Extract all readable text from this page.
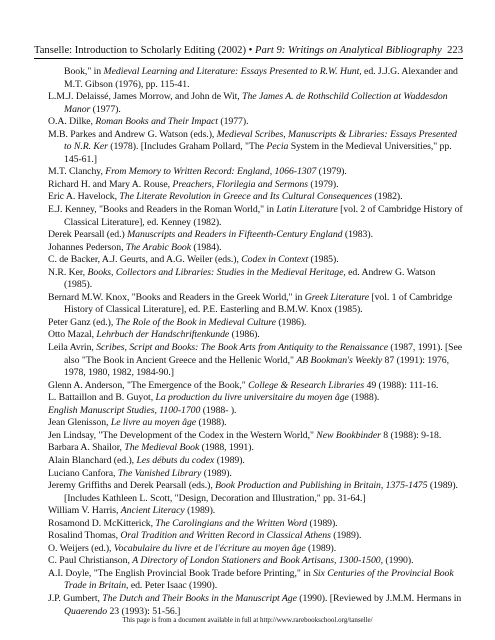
Tanselle: Introduction to Scholarly Editing (2002) • Part 9: Writings on Analytical Bibliography 223

Book," in Medieval Learning and Literature: Essays Presented to R.W. Hunt, ed. J.J.G. Alexander and M.T. Gibson (1976), pp. 115-41.

L.M.J. Delaissé, James Morrow, and John de Wit, The James A. de Rothschild Collection at Waddesdon Manor (1977).

O.A. Dilke, Roman Books and Their Impact (1977).

M.B. Parkes and Andrew G. Watson (eds.), Medieval Scribes, Manuscripts & Libraries: Essays Presented to N.R. Ker (1978). [Includes Graham Pollard, "The Pecia System in the Medieval Universities," pp. 145-61.]

M.T. Clanchy, From Memory to Written Record: England, 1066-1307 (1979).

Richard H. and Mary A. Rouse, Preachers, Florilegia and Sermons (1979).

Eric A. Havelock, The Literate Revolution in Greece and Its Cultural Consequences (1982).

E.J. Kenney, "Books and Readers in the Roman World," in Latin Literature [vol. 2 of Cambridge History of Classical Literature], ed. Kenney (1982).

Derek Pearsall (ed.) Manuscripts and Readers in Fifteenth-Century England (1983).

Johannes Pederson, The Arabic Book (1984).

C. de Backer, A.J. Geurts, and A.G. Weiler (eds.), Codex in Context (1985).

N.R. Ker, Books, Collectors and Libraries: Studies in the Medieval Heritage, ed. Andrew G. Watson (1985).

Bernard M.W. Knox, "Books and Readers in the Greek World," in Greek Literature [vol. 1 of Cambridge History of Classical Literature], ed. P.E. Easterling and B.M.W. Knox (1985).

Peter Ganz (ed.), The Role of the Book in Medieval Culture (1986).

Otto Mazal, Lehrbuch der Handschriftenkunde (1986).

Leila Avrin, Scribes, Script and Books: The Book Arts from Antiquity to the Renaissance (1987, 1991). [See also "The Book in Ancient Greece and the Hellenic World," AB Bookman's Weekly 87 (1991): 1976, 1978, 1980, 1982, 1984-90.]

Glenn A. Anderson, "The Emergence of the Book," College & Research Libraries 49 (1988): 111-16.

L. Battaillon and B. Guyot, La production du livre universitaire du moyen âge (1988).

English Manuscript Studies, 1100-1700 (1988- ).

Jean Glenisson, Le livre au moyen âge (1988).

Jen Lindsay, "The Development of the Codex in the Western World," New Bookbinder 8 (1988): 9-18.

Barbara A. Shailor, The Medieval Book (1988, 1991).

Alain Blanchard (ed.), Les débuts du codex (1989).

Luciano Canfora, The Vanished Library (1989).

Jeremy Griffiths and Derek Pearsall (eds.), Book Production and Publishing in Britain, 1375-1475 (1989). [Includes Kathleen L. Scott, "Design, Decoration and Illustration," pp. 31-64.]

William V. Harris, Ancient Literacy (1989).

Rosamond D. McKitterick, The Carolingians and the Written Word (1989).

Rosalind Thomas, Oral Tradition and Written Record in Classical Athens (1989).

O. Weijers (ed.), Vocabulaire du livre et de l'écriture au moyen âge (1989).

C. Paul Christianson, A Directory of London Stationers and Book Artisans, 1300-1500, (1990).

A.I. Doyle, "The English Provincial Book Trade before Printing," in Six Centuries of the Provincial Book Trade in Britain, ed. Peter Isaac (1990).

J.P. Gumbert, The Dutch and Their Books in the Manuscript Age (1990). [Reviewed by J.M.M. Hermans in Quaerendo 23 (1993): 51-56.]

This page is from a document available in full at http://www.rarebookschool.org/tanselle/
